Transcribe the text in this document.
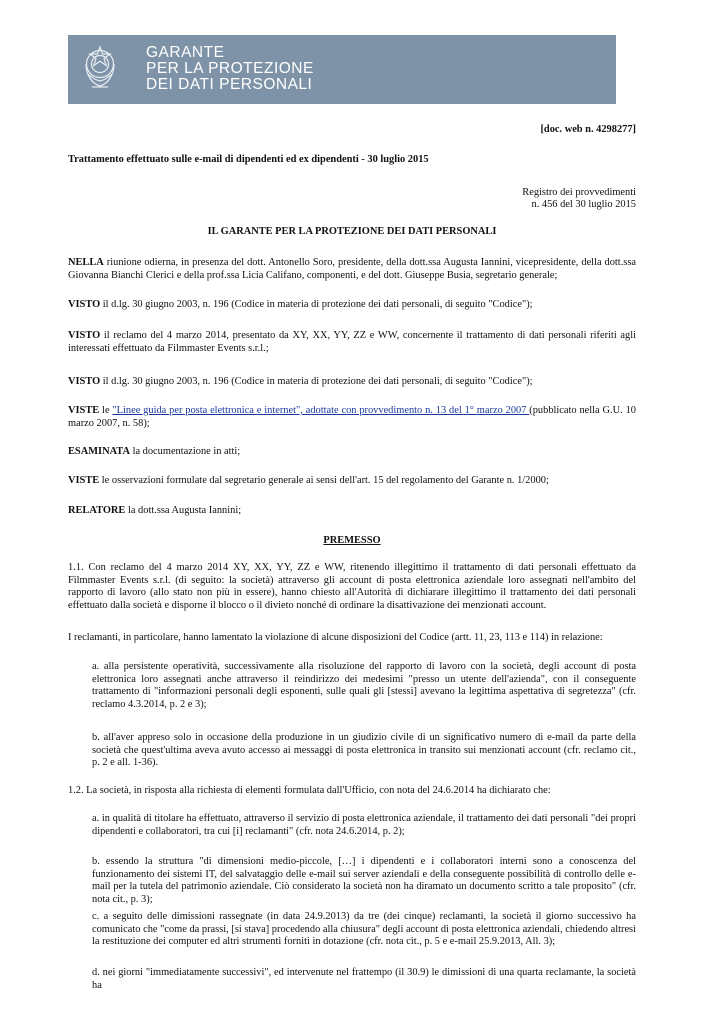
GARANTE
PER LA PROTEZIONE
DEI DATI PERSONALI
[doc. web n. 4298277]
Trattamento effettuato sulle e-mail di dipendenti ed ex dipendenti - 30 luglio 2015
Registro dei provvedimenti
n. 456 del 30 luglio 2015
IL GARANTE PER LA PROTEZIONE DEI DATI PERSONALI
NELLA riunione odierna, in presenza del dott. Antonello Soro, presidente, della dott.ssa Augusta Iannini, vicepresidente, della dott.ssa Giovanna Bianchi Clerici e della prof.ssa Licia Califano, componenti, e del dott. Giuseppe Busia, segretario generale;
VISTO il d.lg. 30 giugno 2003, n. 196 (Codice in materia di protezione dei dati personali, di seguito "Codice");
VISTO il reclamo del 4 marzo 2014, presentato da XY, XX, YY, ZZ e WW, concernente il trattamento di dati personali riferiti agli interessati effettuato da Filmmaster Events s.r.l.;
VISTO il d.lg. 30 giugno 2003, n. 196 (Codice in materia di protezione dei dati personali, di seguito "Codice");
VISTE le "Linee guida per posta elettronica e internet", adottate con provvedimento n. 13 del 1° marzo 2007 (pubblicato nella G.U. 10 marzo 2007, n. 58);
ESAMINATA la documentazione in atti;
VISTE le osservazioni formulate dal segretario generale ai sensi dell'art. 15 del regolamento del Garante n. 1/2000;
RELATORE la dott.ssa Augusta Iannini;
PREMESSO
1.1. Con reclamo del 4 marzo 2014 XY, XX, YY, ZZ e WW, ritenendo illegittimo il trattamento di dati personali effettuato da Filmmaster Events s.r.l. (di seguito: la società) attraverso gli account di posta elettronica aziendale loro assegnati nell'ambito del rapporto di lavoro (allo stato non più in essere), hanno chiesto all'Autorità di dichiarare illegittimo il trattamento dei dati personali effettuato dalla società e disporne il blocco o il divieto nonché di ordinare la disattivazione dei menzionati account.
I reclamanti, in particolare, hanno lamentato la violazione di alcune disposizioni del Codice (artt. 11, 23, 113 e 114) in relazione:
a. alla persistente operatività, successivamente alla risoluzione del rapporto di lavoro con la società, degli account di posta elettronica loro assegnati anche attraverso il reindirizzo dei medesimi "presso un utente dell'azienda", con il conseguente trattamento di "informazioni personali degli esponenti, sulle quali gli [stessi] avevano la legittima aspettativa di segretezza" (cfr. reclamo 4.3.2014, p. 2 e 3);
b. all'aver appreso solo in occasione della produzione in un giudizio civile di un significativo numero di e-mail da parte della società che quest'ultima aveva avuto accesso ai messaggi di posta elettronica in transito sui menzionati account (cfr. reclamo cit., p. 2 e all. 1-36).
1.2. La società, in risposta alla richiesta di elementi formulata dall'Ufficio, con nota del 24.6.2014 ha dichiarato che:
a. in qualità di titolare ha effettuato, attraverso il servizio di posta elettronica aziendale, il trattamento dei dati personali "dei propri dipendenti e collaboratori, tra cui [i] reclamanti" (cfr. nota 24.6.2014, p. 2);
b. essendo la struttura "di dimensioni medio-piccole, […] i dipendenti e i collaboratori interni sono a conoscenza del funzionamento dei sistemi IT, del salvataggio delle e-mail sui server aziendali e della conseguente possibilità di controllo delle e-mail per la tutela del patrimonio aziendale. Ciò considerato la società non ha diramato un documento scritto a tale proposito" (cfr. nota cit., p. 3);
c. a seguito delle dimissioni rassegnate (in data 24.9.2013) da tre (dei cinque) reclamanti, la società il giorno successivo ha comunicato che "come da prassi, [si stava] procedendo alla chiusura" degli account di posta elettronica aziendali, chiedendo altresì la restituzione dei computer ed altri strumenti forniti in dotazione (cfr. nota cit., p. 5 e e-mail 25.9.2013, All. 3);
d. nei giorni "immediatamente successivi", ed intervenute nel frattempo (il 30.9) le dimissioni di una quarta reclamante, la società ha
